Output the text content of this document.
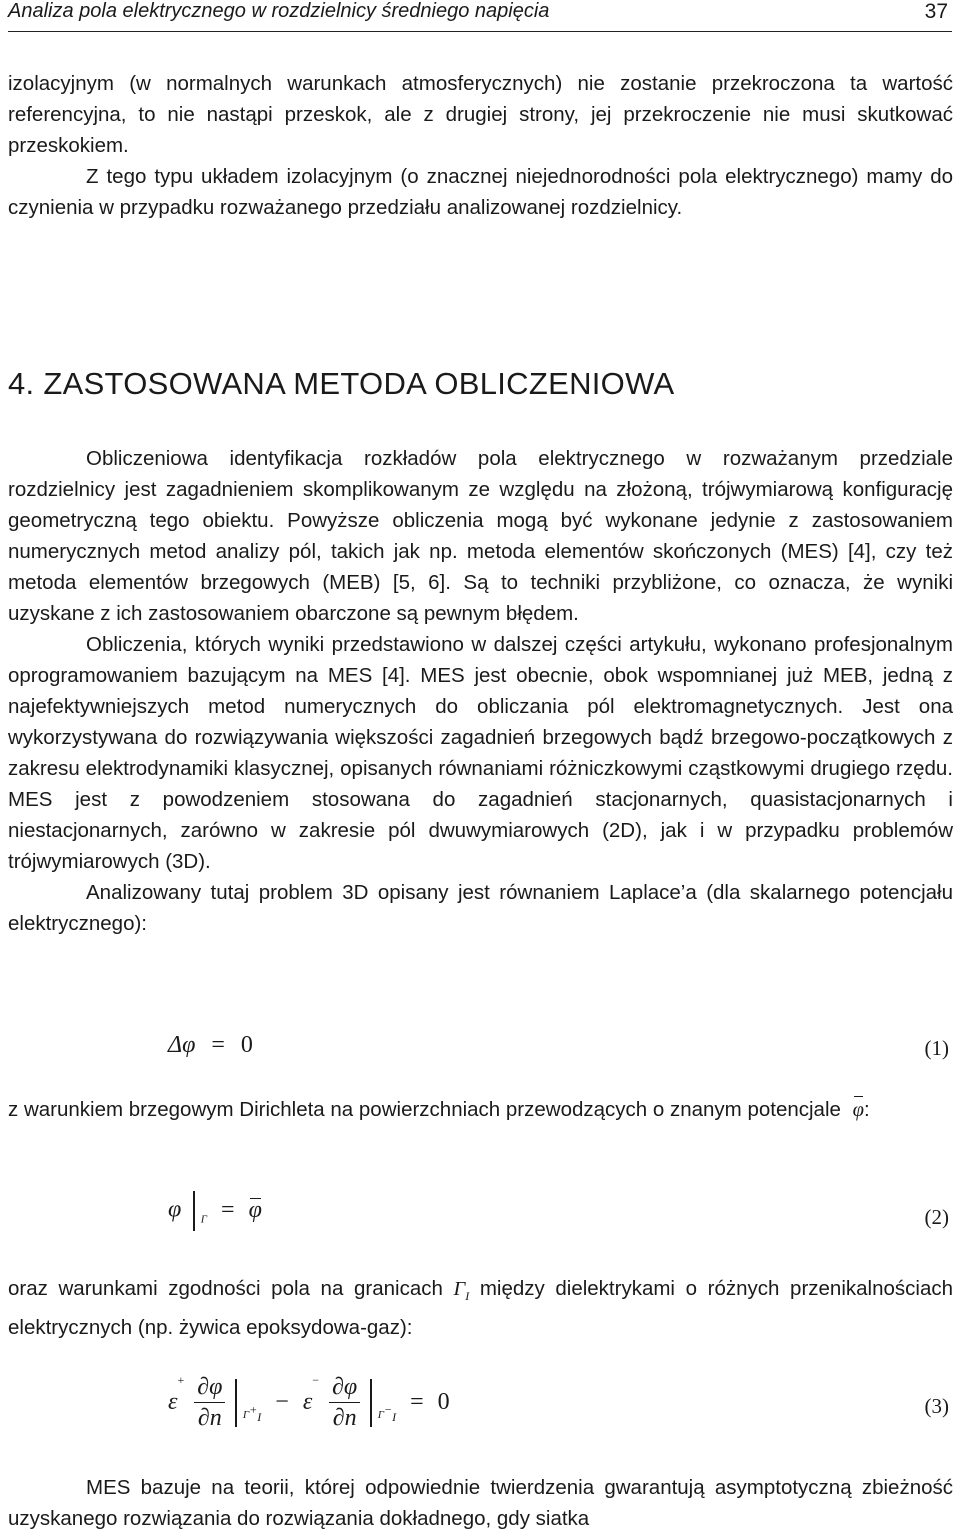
Analiza pola elektrycznego w rozdzielnicy średniego napięcia	37

izolacyjnym (w normalnych warunkach atmosferycznych) nie zostanie przekroczona ta wartość referencyjna, to nie nastąpi przeskok, ale z drugiej strony, jej przekroczenie nie musi skutkować przeskokiem.

Z tego typu układem izolacyjnym (o znacznej niejednorodności pola elektrycznego) mamy do czynienia w przypadku rozważanego przedziału analizowanej rozdzielnicy.

4. ZASTOSOWANA METODA OBLICZENIOWA

Obliczeniowa identyfikacja rozkładów pola elektrycznego w rozważanym przedziale rozdzielnicy jest zagadnieniem skomplikowanym ze względu na złożoną, trójwymiarową konfigurację geometryczną tego obiektu. Powyższe obliczenia mogą być wykonane jedynie z zastosowaniem numerycznych metod analizy pól, takich jak np. metoda elementów skończonych (MES) [4], czy też metoda elementów brzegowych (MEB) [5, 6]. Są to techniki przybliżone, co oznacza, że wyniki uzyskane z ich zastosowaniem obarczone są pewnym błędem.

Obliczenia, których wyniki przedstawiono w dalszej części artykułu, wykonano profesjonalnym oprogramowaniem bazującym na MES [4]. MES jest obecnie, obok wspomnianej już MEB, jedną z najefektywniejszych metod numerycznych do obliczania pól elektromagnetycznych. Jest ona wykorzystywana do rozwiązywania większości zagadnień brzegowych bądź brzegowo-początkowych z zakresu elektrodynamiki klasycznej, opisanych równaniami różniczkowymi cząstkowymi drugiego rzędu. MES jest z powodzeniem stosowana do zagadnień stacjonarnych, quasistacjonarnych i niestacjonarnych, zarówno w zakresie pól dwuwymiarowych (2D), jak i w przypadku problemów trójwymiarowych (3D).

Analizowany tutaj problem 3D opisany jest równaniem Laplace’a (dla skalarnego potencjału elektrycznego):

Δφ = 0	(1)

z warunkiem brzegowym Dirichleta na powierzchniach przewodzących o znanym potencjale φ:

φ $_\Gamma$ = φ	(2)

oraz warunkami zgodności pola na granicach $\Gamma_I$ między dielektrykami o różnych przenikalnościach elektrycznych (np. żywica epoksydowa-gaz):

$\varepsilon^+ \frac{\partial\varphi}{\partial n} _{\Gamma^+_I} - \varepsilon^- \frac{\partial\varphi}{\partial n} _{\Gamma^-_I} = 0$	(3)

MES bazuje na teorii, której odpowiednie twierdzenia gwarantują asymptotyczną zbieżność uzyskanego rozwiązania do rozwiązania dokładnego, gdy siatka
